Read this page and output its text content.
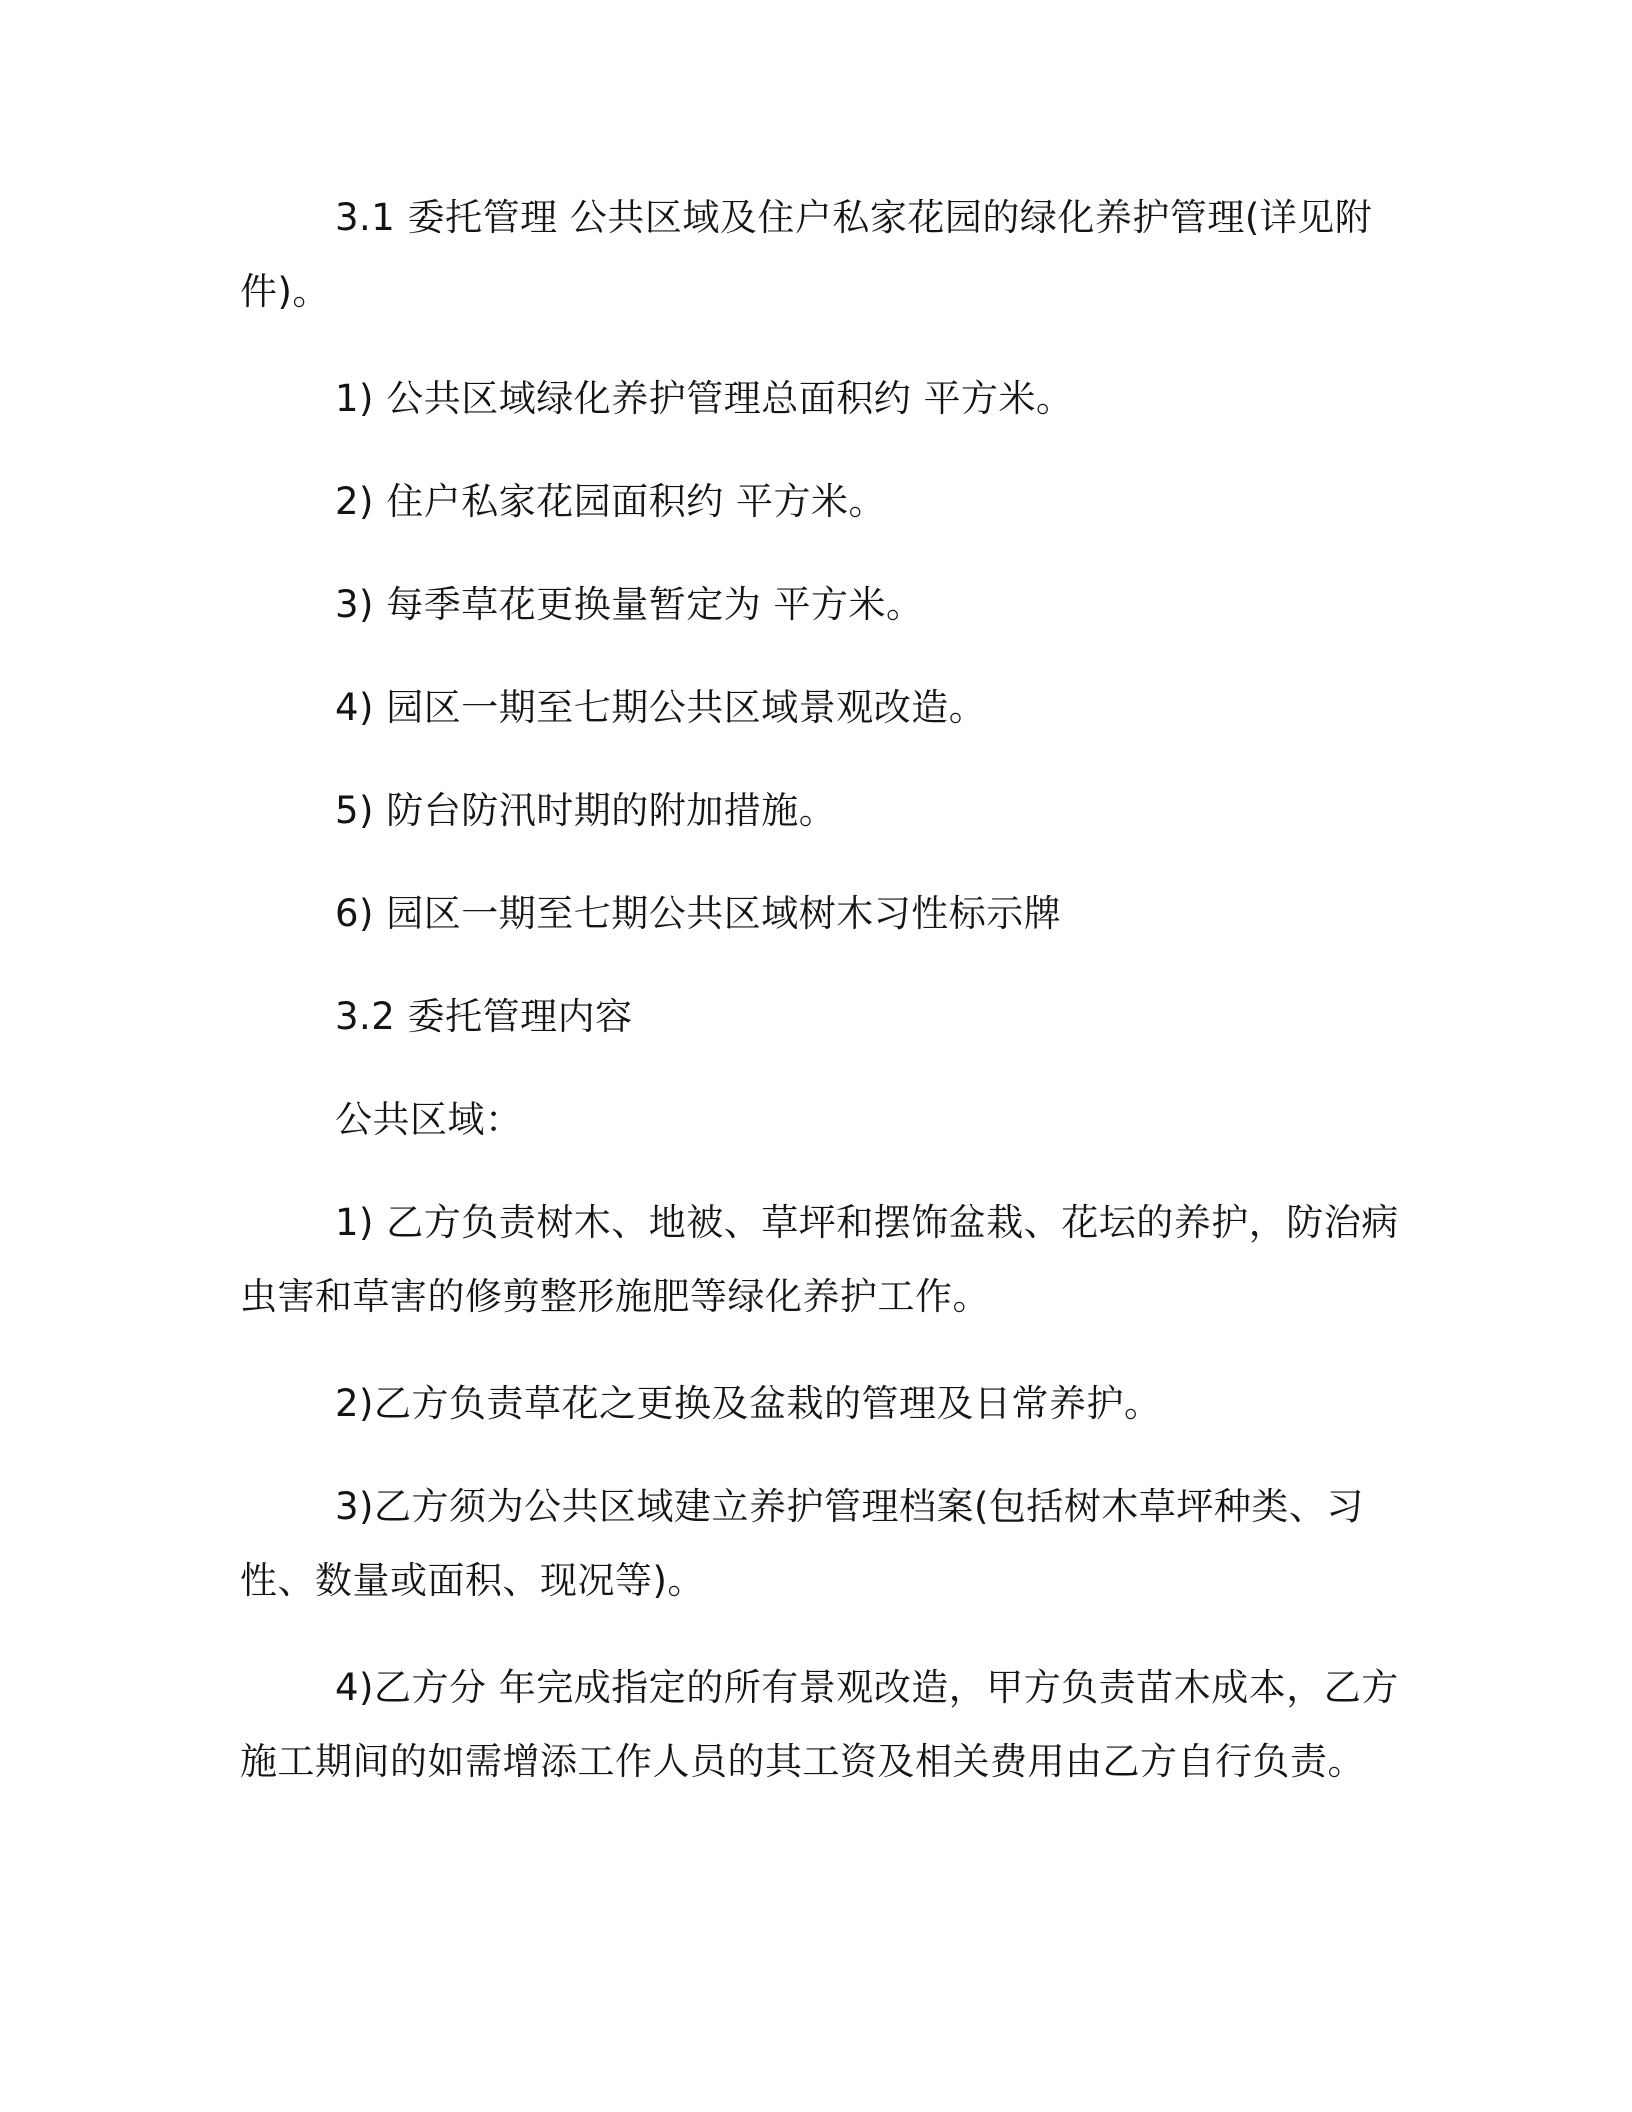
3.1 委托管理 公共区域及住户私家花园的绿化养护管理(详见附件)。

1) 公共区域绿化养护管理总面积约 平方米。

2) 住户私家花园面积约 平方米。

3) 每季草花更换量暂定为 平方米。

4) 园区一期至七期公共区域景观改造。

5) 防台防汛时期的附加措施。

6) 园区一期至七期公共区域树木习性标示牌

3.2 委托管理内容

公共区域：

1) 乙方负责树木、地被、草坪和摆饰盆栽、花坛的养护，防治病虫害和草害的修剪整形施肥等绿化养护工作。

2)乙方负责草花之更换及盆栽的管理及日常养护。

3)乙方须为公共区域建立养护管理档案(包括树木草坪种类、习性、数量或面积、现况等)。

4)乙方分 年完成指定的所有景观改造，甲方负责苗木成本，乙方施工期间的如需增添工作人员的其工资及相关费用由乙方自行负责。
